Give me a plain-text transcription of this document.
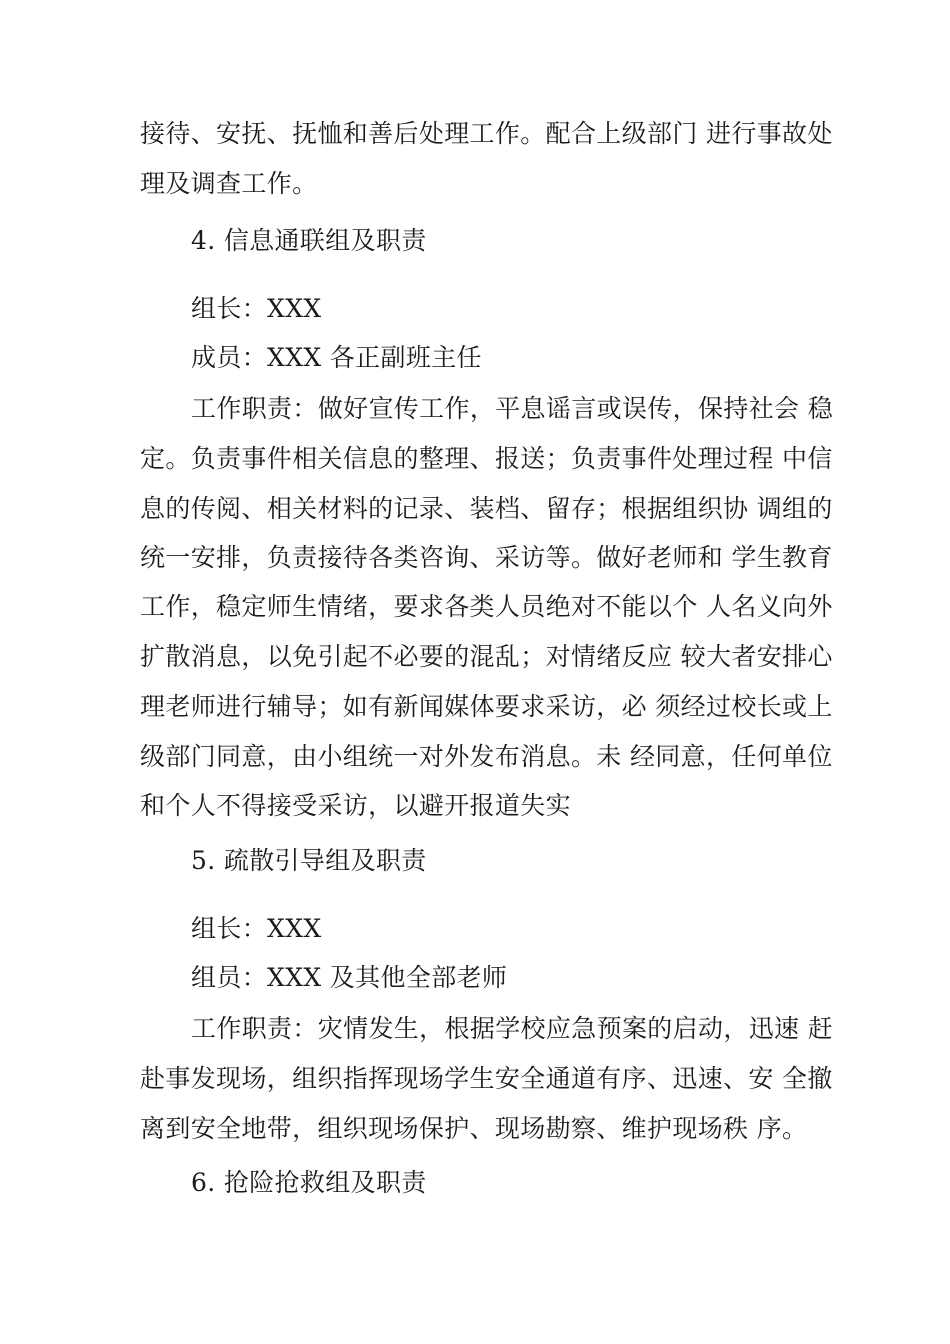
接待、安抚、抚恤和善后处理工作。配合上级部门 进行事故处
理及调查工作。
4. 信息通联组及职责
组长：XXX
成员：XXX 各正副班主任
工作职责：做好宣传工作，平息谣言或误传，保持社会 稳
定。负责事件相关信息的整理、报送；负责事件处理过程 中信
息的传阅、相关材料的记录、装档、留存；根据组织协 调组的
统一安排，负责接待各类咨询、采访等。做好老师和 学生教育
工作，稳定师生情绪，要求各类人员绝对不能以个 人名义向外
扩散消息，以免引起不必要的混乱；对情绪反应 较大者安排心
理老师进行辅导；如有新闻媒体要求采访，必 须经过校长或上
级部门同意，由小组统一对外发布消息。未 经同意，任何单位
和个人不得接受采访，以避开报道失实
5. 疏散引导组及职责
组长：XXX
组员：XXX 及其他全部老师
工作职责：灾情发生，根据学校应急预案的启动，迅速 赶
赴事发现场，组织指挥现场学生安全通道有序、迅速、安 全撤
离到安全地带，组织现场保护、现场勘察、维护现场秩 序。
6. 抢险抢救组及职责
